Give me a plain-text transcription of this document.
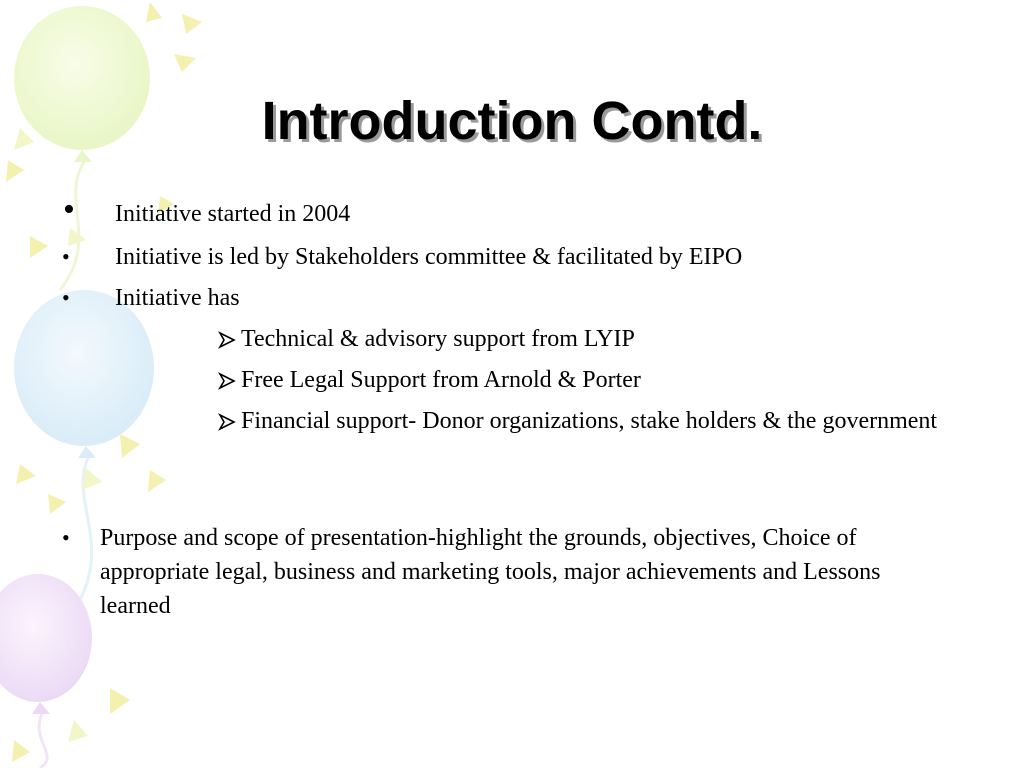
Introduction Contd.
• Initiative started in 2004
• Initiative is led by Stakeholders committee & facilitated by EIPO
• Initiative has
Technical & advisory support from LYIP
Free Legal Support from Arnold & Porter
Financial support- Donor organizations, stake holders & the government
• Purpose and scope of presentation-highlight the grounds, objectives, Choice of appropriate legal, business and marketing tools, major achievements and Lessons learned
